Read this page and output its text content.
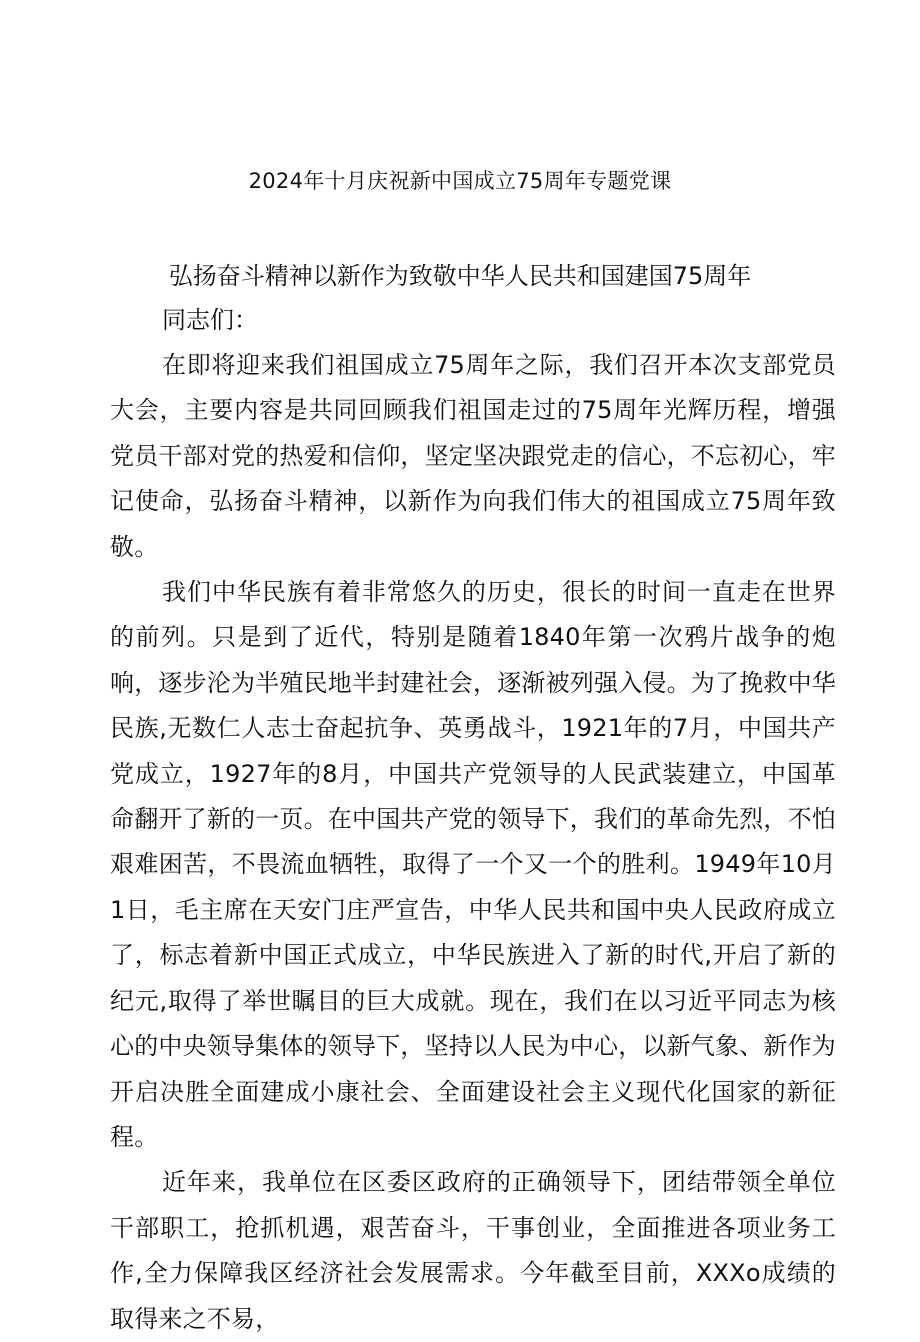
2024年十月庆祝新中国成立75周年专题党课
弘扬奋斗精神以新作为致敬中华人民共和国建国75周年

同志们：

在即将迎来我们祖国成立75周年之际，我们召开本次支部党员大会，主要内容是共同回顾我们祖国走过的75周年光辉历程，增强党员干部对党的热爱和信仰，坚定坚决跟党走的信心，不忘初心，牢记使命，弘扬奋斗精神，以新作为向我们伟大的祖国成立75周年致敬。

我们中华民族有着非常悠久的历史，很长的时间一直走在世界的前列。只是到了近代，特别是随着1840年第一次鸦片战争的炮响，逐步沦为半殖民地半封建社会，逐渐被列强入侵。为了挽救中华民族,无数仁人志士奋起抗争、英勇战斗，1921年的7月，中国共产党成立，1927年的8月，中国共产党领导的人民武装建立，中国革命翻开了新的一页。在中国共产党的领导下，我们的革命先烈，不怕艰难困苦，不畏流血牺牲，取得了一个又一个的胜利。1949年10月1日，毛主席在天安门庄严宣告，中华人民共和国中央人民政府成立了，标志着新中国正式成立，中华民族进入了新的时代,开启了新的纪元,取得了举世瞩目的巨大成就。现在，我们在以习近平同志为核心的中央领导集体的领导下，坚持以人民为中心，以新气象、新作为开启决胜全面建成小康社会、全面建设社会主义现代化国家的新征程。

近年来，我单位在区委区政府的正确领导下，团结带领全单位干部职工，抢抓机遇，艰苦奋斗，干事创业，全面推进各项业务工作,全力保障我区经济社会发展需求。今年截至目前，XXXo成绩的取得来之不易，
